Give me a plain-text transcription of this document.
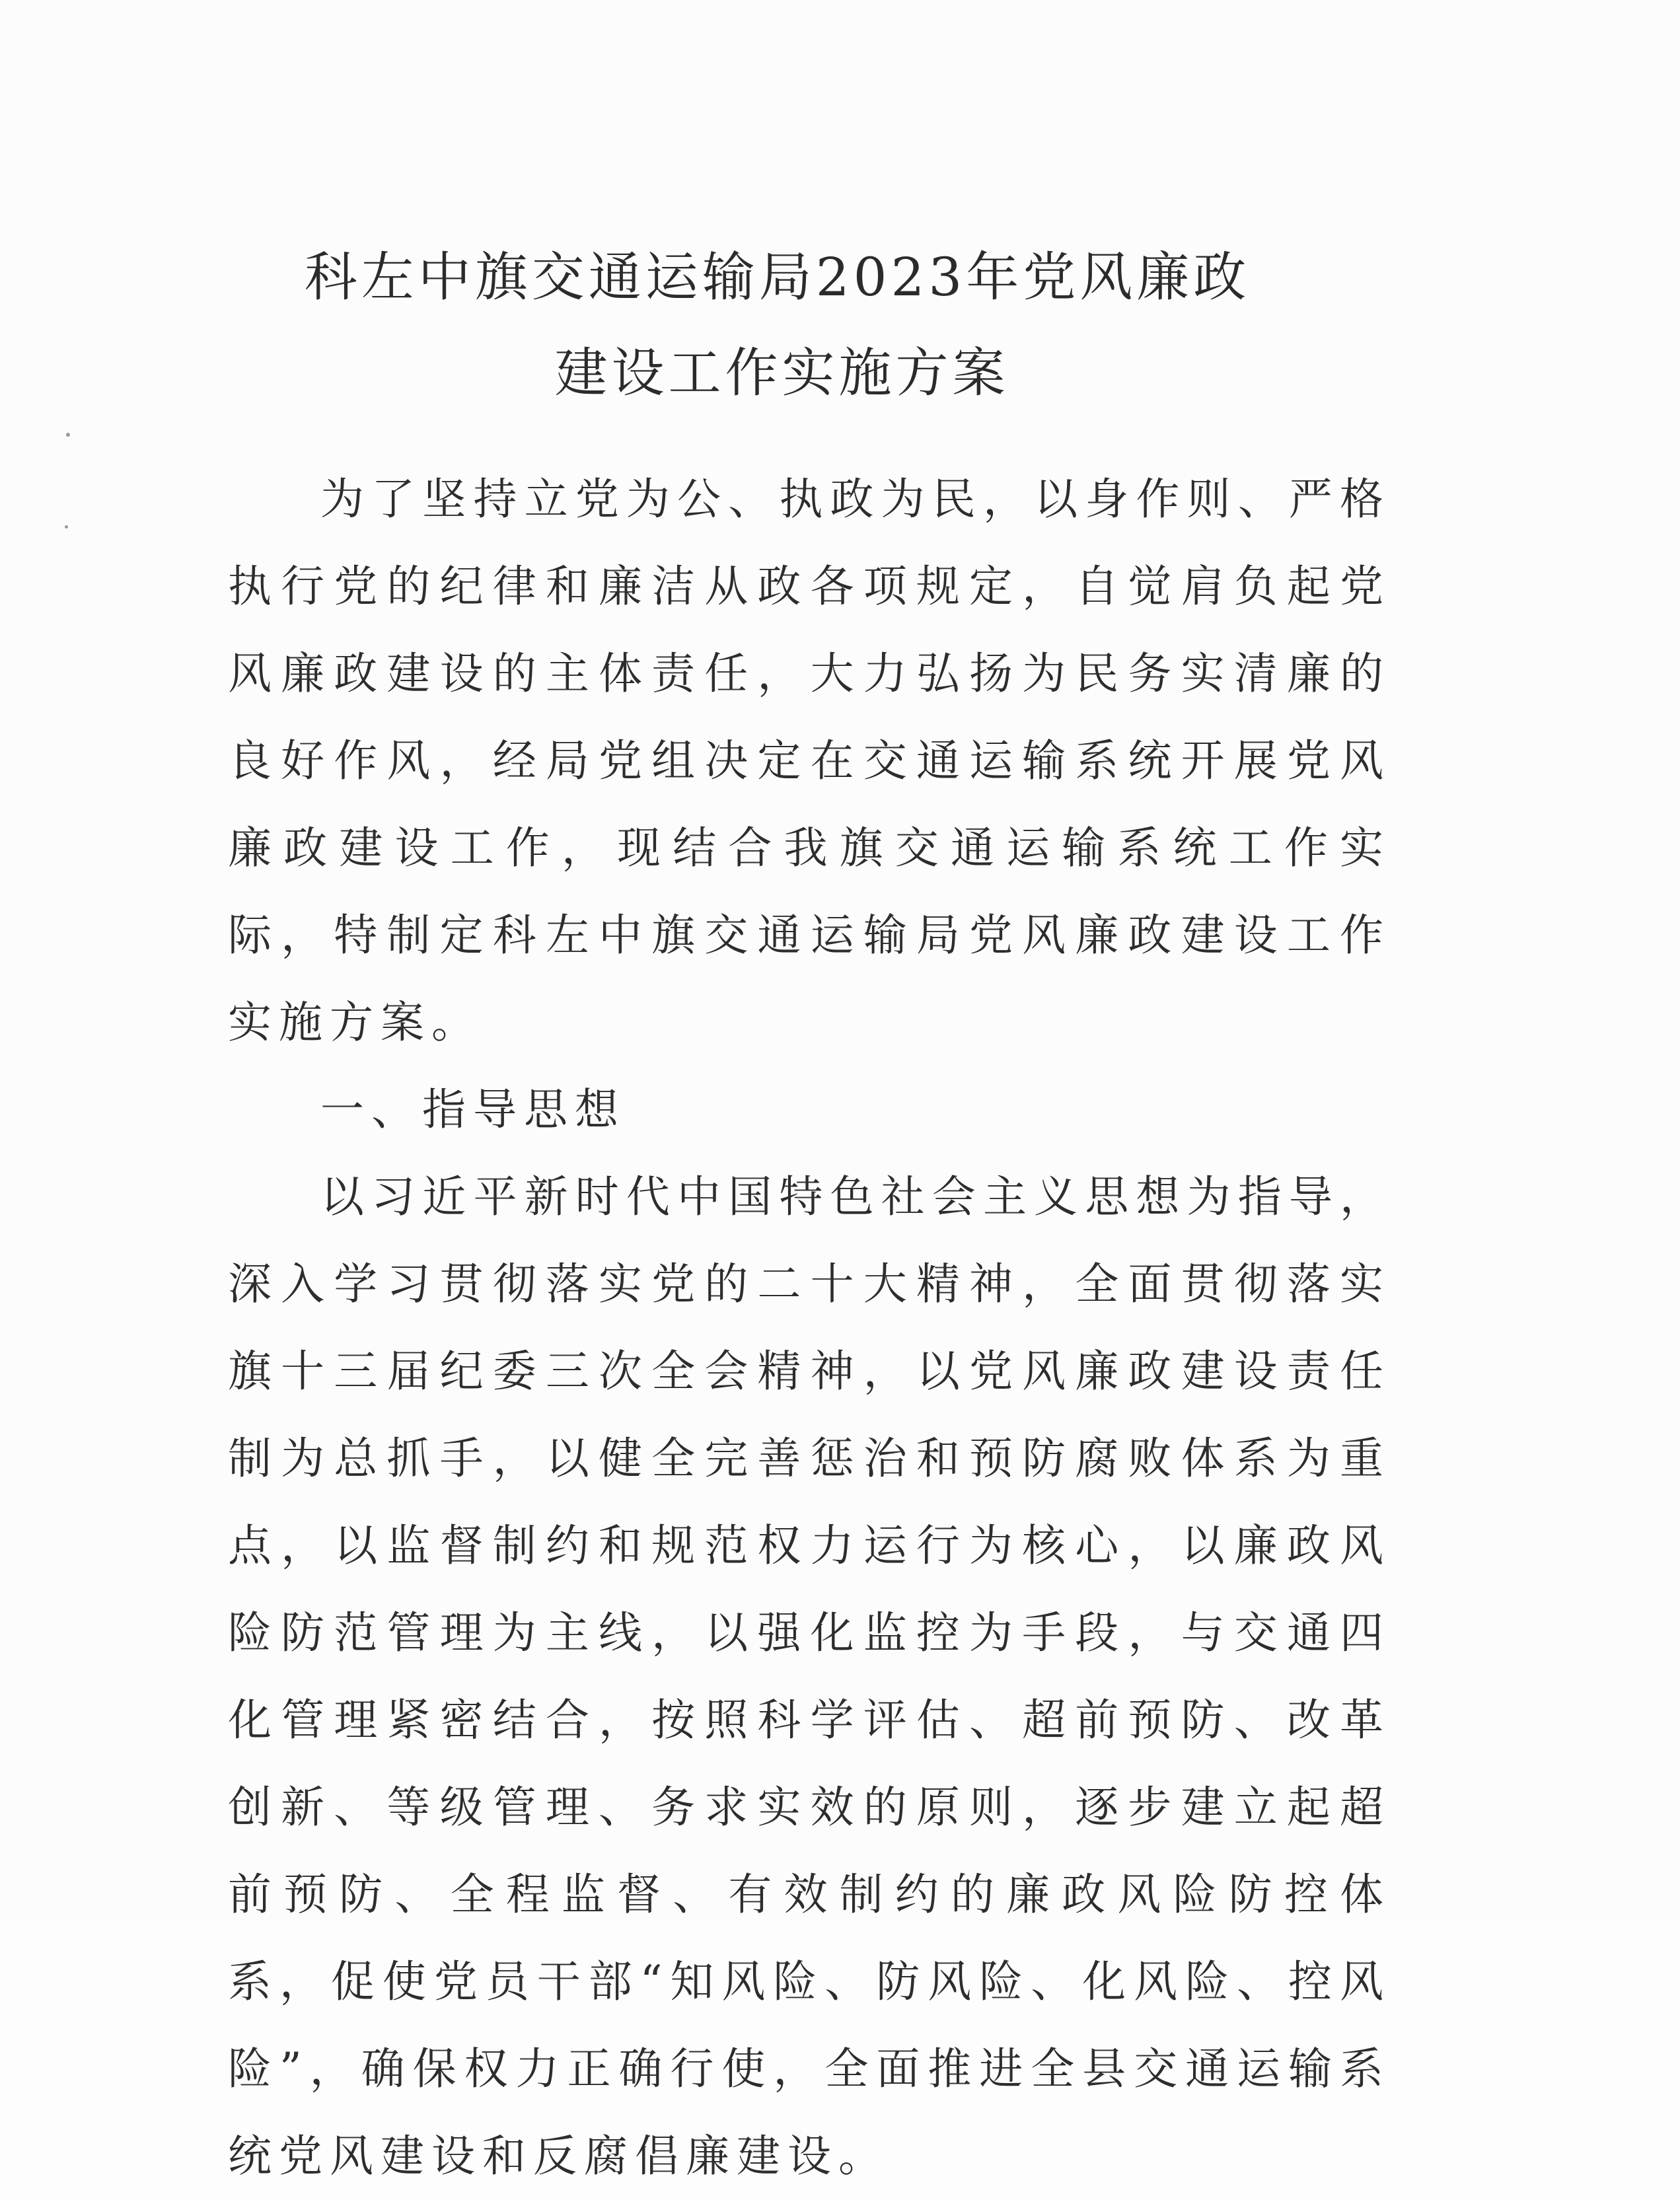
科左中旗交通运输局2023年党风廉政
建设工作实施方案

为了坚持立党为公、执政为民，以身作则、严格执行党的纪律和廉洁从政各项规定，自觉肩负起党风廉政建设的主体责任，大力弘扬为民务实清廉的良好作风，经局党组决定在交通运输系统开展党风廉政建设工作，现结合我旗交通运输系统工作实际，特制定科左中旗交通运输局党风廉政建设工作实施方案。

一、指导思想

以习近平新时代中国特色社会主义思想为指导，深入学习贯彻落实党的二十大精神，全面贯彻落实旗十三届纪委三次全会精神，以党风廉政建设责任制为总抓手，以健全完善惩治和预防腐败体系为重点，以监督制约和规范权力运行为核心，以廉政风险防范管理为主线，以强化监控为手段，与交通四化管理紧密结合，按照科学评估、超前预防、改革创新、等级管理、务求实效的原则，逐步建立起超前预防、全程监督、有效制约的廉政风险防控体系，促使党员干部“知风险、防风险、化风险、控风险”，确保权力正确行使，全面推进全县交通运输系统党风建设和反腐倡廉建设。
